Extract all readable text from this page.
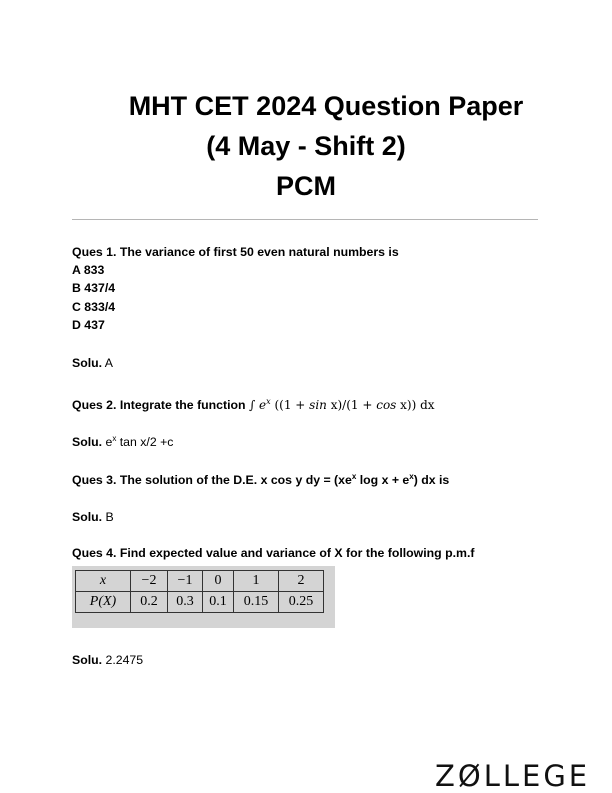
MHT CET 2024 Question Paper
(4 May - Shift 2)
PCM
Ques 1. The variance of first 50 even natural numbers is
A 833
B 437/4
C 833/4
D 437
Solu. A
Ques 2. Integrate the function ∫ $e^x$ ((1 + sin x)/(1 + cos x)) dx
Solu. $e^x$ tan x/2 +c
Ques 3. The solution of the D.E. x cos y dy = ($xe^x$ $\log x + e^x$) dx is
Solu. B
Ques 4. Find expected value and variance of X for the following p.m.f
x	−2	−1	0	1	2
P(X)	0.2	0.3	0.1	0.15	0.25
Solu. 2.2475
ZØLLEGE
